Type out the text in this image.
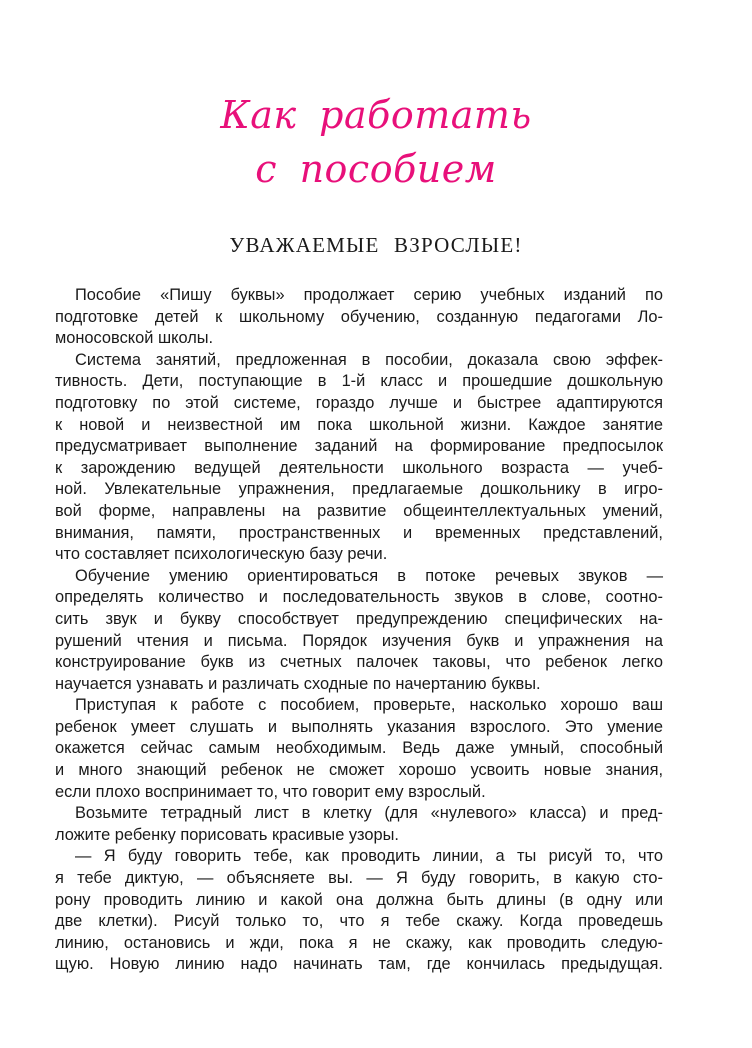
Как работать
с пособием
УВАЖАЕМЫЕ ВЗРОСЛЫЕ!

Пособие «Пишу буквы» продолжает серию учебных изданий по
подготовке детей к школьному обучению, созданную педагогами Ло-
моносовской школы.

Система занятий, предложенная в пособии, доказала свою эффек-
тивность. Дети, поступающие в 1-й класс и прошедшие дошкольную
подготовку по этой системе, гораздо лучше и быстрее адаптируются
к новой и неизвестной им пока школьной жизни. Каждое занятие
предусматривает выполнение заданий на формирование предпосылок
к зарождению ведущей деятельности школьного возраста — учеб-
ной. Увлекательные упражнения, предлагаемые дошкольнику в игро-
вой форме, направлены на развитие общеинтеллектуальных умений,
внимания, памяти, пространственных и временных представлений,
что составляет психологическую базу речи.

Обучение умению ориентироваться в потоке речевых звуков —
определять количество и последовательность звуков в слове, соотно-
сить звук и букву способствует предупреждению специфических на-
рушений чтения и письма. Порядок изучения букв и упражнения на
конструирование букв из счетных палочек таковы, что ребенок легко
научается узнавать и различать сходные по начертанию буквы.

Приступая к работе с пособием, проверьте, насколько хорошо ваш
ребенок умеет слушать и выполнять указания взрослого. Это умение
окажется сейчас самым необходимым. Ведь даже умный, способный
и много знающий ребенок не сможет хорошо усвоить новые знания,
если плохо воспринимает то, что говорит ему взрослый.

Возьмите тетрадный лист в клетку (для «нулевого» класса) и пред-
ложите ребенку порисовать красивые узоры.

— Я буду говорить тебе, как проводить линии, а ты рисуй то, что
я тебе диктую, — объясняете вы. — Я буду говорить, в какую сто-
рону проводить линию и какой она должна быть длины (в одну или
две клетки). Рисуй только то, что я тебе скажу. Когда проведешь
линию, остановись и жди, пока я не скажу, как проводить следую-
щую. Новую линию надо начинать там, где кончилась предыдущая.
